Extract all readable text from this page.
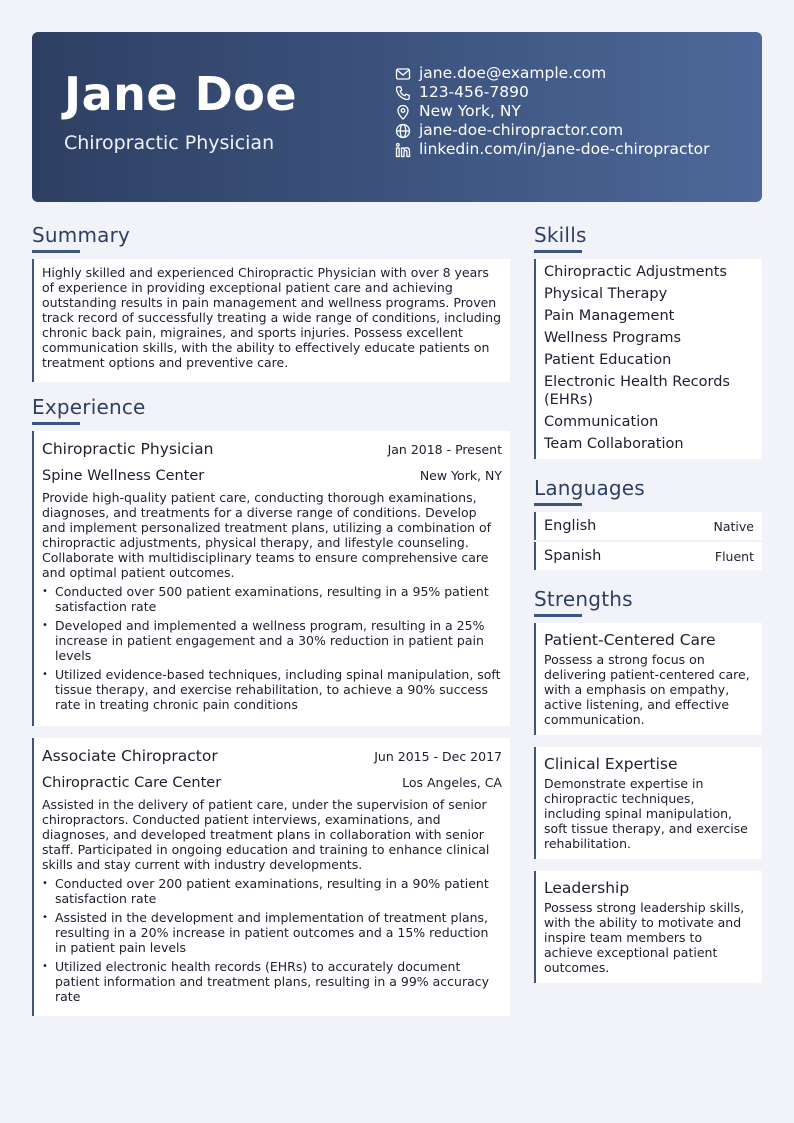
Jane Doe
Chiropractic Physician
jane.doe@example.com
123-456-7890
New York, NY
jane-doe-chiropractor.com
linkedin.com/in/jane-doe-chiropractor
Summary

Highly skilled and experienced Chiropractic Physician with over 8 years of experience in providing exceptional patient care and achieving outstanding results in pain management and wellness programs. Proven track record of successfully treating a wide range of conditions, including chronic back pain, migraines, and sports injuries. Possess excellent communication skills, with the ability to effectively educate patients on treatment options and preventive care.

Experience
Chiropractic Physician	Jan 2018 - Present
Spine Wellness Center	New York, NY

Provide high-quality patient care, conducting thorough examinations, diagnoses, and treatments for a diverse range of conditions. Develop and implement personalized treatment plans, utilizing a combination of chiropractic adjustments, physical therapy, and lifestyle counseling. Collaborate with multidisciplinary teams to ensure comprehensive care and optimal patient outcomes.

• Conducted over 500 patient examinations, resulting in a 95% patient satisfaction rate
• Developed and implemented a wellness program, resulting in a 25% increase in patient engagement and a 30% reduction in patient pain levels
• Utilized evidence-based techniques, including spinal manipulation, soft tissue therapy, and exercise rehabilitation, to achieve a 90% success rate in treating chronic pain conditions
Associate Chiropractor	Jun 2015 - Dec 2017
Chiropractic Care Center	Los Angeles, CA

Assisted in the delivery of patient care, under the supervision of senior chiropractors. Conducted patient interviews, examinations, and diagnoses, and developed treatment plans in collaboration with senior staff. Participated in ongoing education and training to enhance clinical skills and stay current with industry developments.

• Conducted over 200 patient examinations, resulting in a 90% patient satisfaction rate
• Assisted in the development and implementation of treatment plans, resulting in a 20% increase in patient outcomes and a 15% reduction in patient pain levels
• Utilized electronic health records (EHRs) to accurately document patient information and treatment plans, resulting in a 99% accuracy rate
Skills
Chiropractic Adjustments
Physical Therapy
Pain Management
Wellness Programs
Patient Education
Electronic Health Records (EHRs)
Communication
Team Collaboration
Languages
English	Native
Spanish	Fluent
Strengths
Patient-Centered Care

Possess a strong focus on delivering patient-centered care, with a emphasis on empathy, active listening, and effective communication.

Clinical Expertise

Demonstrate expertise in chiropractic techniques, including spinal manipulation, soft tissue therapy, and exercise rehabilitation.

Leadership

Possess strong leadership skills, with the ability to motivate and inspire team members to achieve exceptional patient outcomes.
